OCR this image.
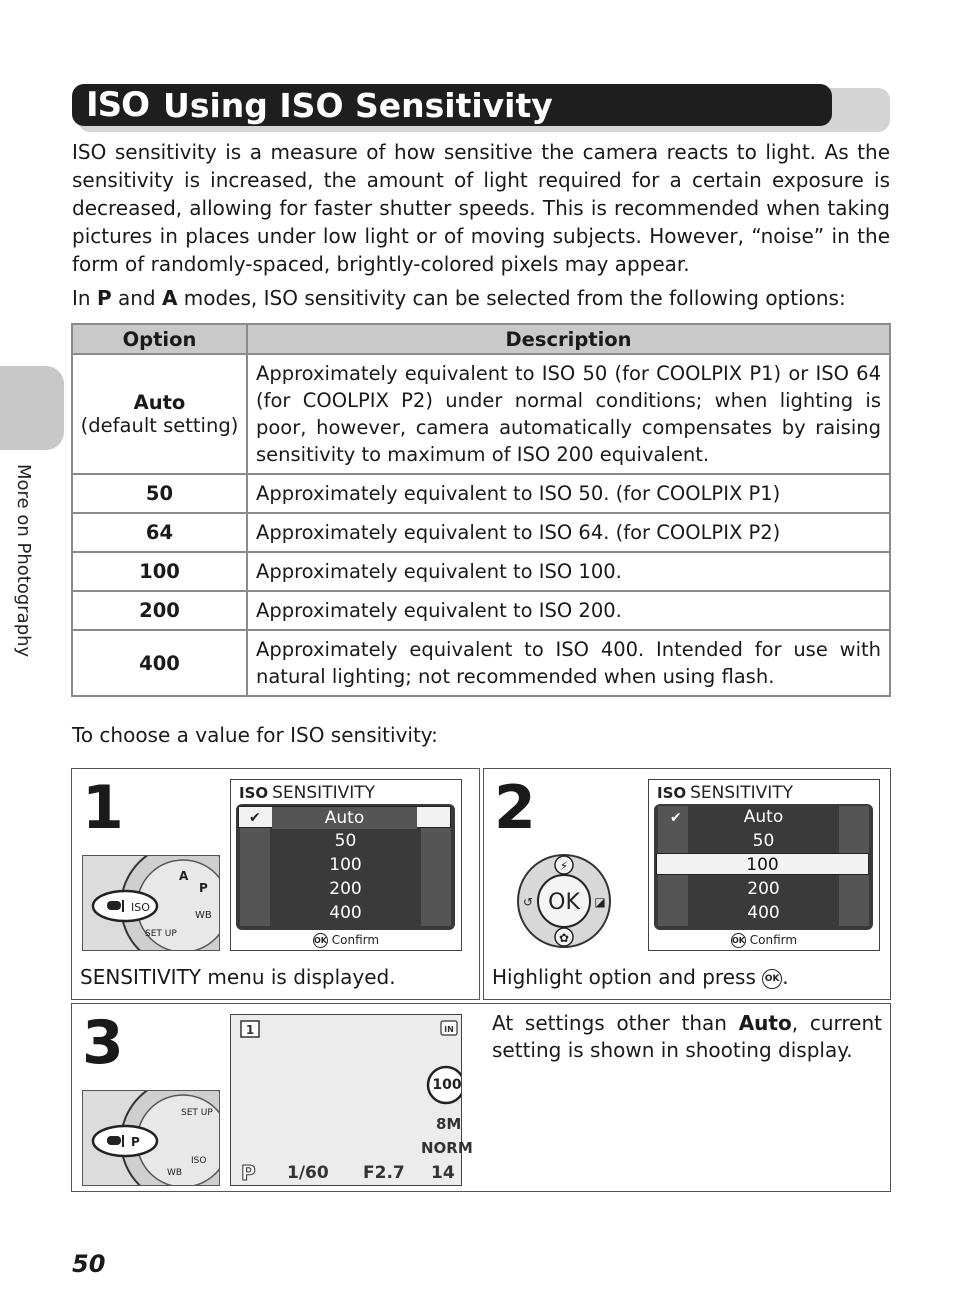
ISO Using ISO Sensitivity
More on Photography

ISO sensitivity is a measure of how sensitive the camera reacts to light. As the sensitivity is increased, the amount of light required for a certain exposure is decreased, allowing for faster shutter speeds. This is recommended when taking pictures in places under low light or of moving subjects. However, “noise” in the form of randomly-spaced, brightly-colored pixels may appear.

In P and A modes, ISO sensitivity can be selected from the following options:

Option	Description
Auto
(default setting)	Approximately equivalent to ISO 50 (for COOLPIX P1) or ISO 64 (for COOLPIX P2) under normal conditions; when lighting is poor, however, camera automatically compensates by raising sensitivity to maximum of ISO 200 equivalent.
50	Approximately equivalent to ISO 50. (for COOLPIX P1)
64	Approximately equivalent to ISO 64. (for COOLPIX P2)
100	Approximately equivalent to ISO 100.
200	Approximately equivalent to ISO 200.
400	Approximately equivalent to ISO 400. Intended for use with natural lighting; not recommended when using flash.

To choose a value for ISO sensitivity:

1
ISO
A
P
SET UP
WB
ISO SENSITIVITY
✔	Auto
50
100
200
400
OK Confirm
SENSITIVITY menu is displayed.
2
OK
⚡
✿
↺	◪
ISO SENSITIVITY
✔	Auto
50
100
200
400
OK Confirm
Highlight option and press OK .
3
P
SET UP
ISO
WB
1	IN
100
8M
NORM
P 1/60 F2.7 14
At settings other than Auto, current setting is shown in shooting display.
50
